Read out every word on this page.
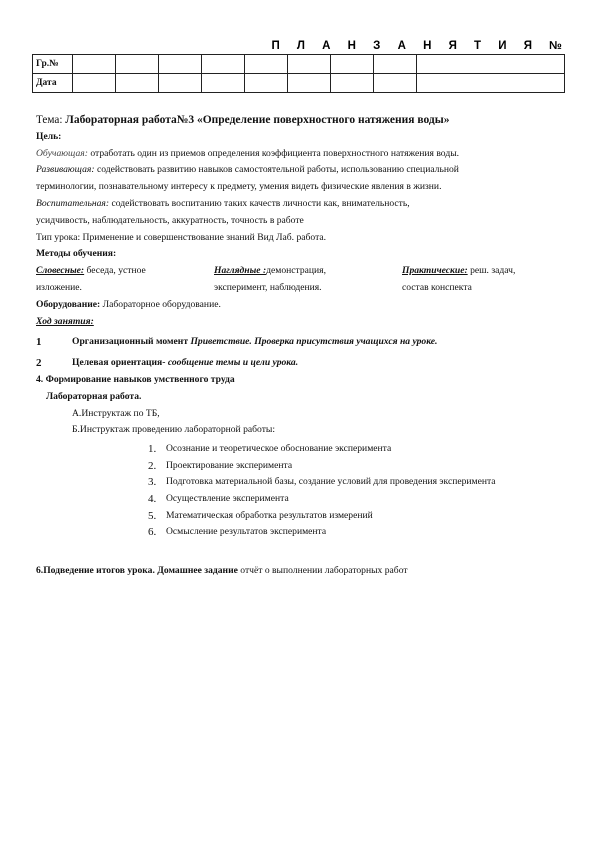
П Л А Н З А Н Я Т И Я №
Гр.№									
Дата									
Тема: Лабораторная работа№3 «Определение поверхностного натяжения воды»
Цель:
Обучающая: отработать один из приемов определения коэффициента поверхностного натяжения воды.
Развивающая: содействовать развитию навыков самостоятельной работы, использованию специальной
терминологии, познавательному интересу к предмету, умения видеть физические явления в жизни.
Воспитательная: содействовать воспитанию таких качеств личности как, внимательность,
усидчивость, наблюдательность, аккуратность, точность в работе
Тип урока: Применение и совершенствование знаний Вид Лаб. работа.
Методы обучения:
Словесные: беседа, устное
изложение.
Наглядные :демонстрация,
эксперимент, наблюдения.
Практические: реш. задач,
состав конспекта
Оборудование: Лабораторное оборудование.
Ход занятия:
1	Организационный момент Приветствие. Проверка присутствия учащихся на уроке.
2	Целевая ориентация- сообщение темы и цели урока.
4. Формирование навыков умственного труда
Лабораторная работа.
А.Инструктаж по ТБ,
Б.Инструктаж проведению лабораторной работы:
1.	Осознание и теоретическое обоснование эксперимента
2.	Проектирование эксперимента
3.	Подготовка материальной базы, создание условий для проведения эксперимента
4.	Осуществление эксперимента
5.	Математическая обработка результатов измерений
6.	Осмысление результатов эксперимента
6.Подведение итогов урока. Домашнее задание отчёт о выполнении лабораторных работ
